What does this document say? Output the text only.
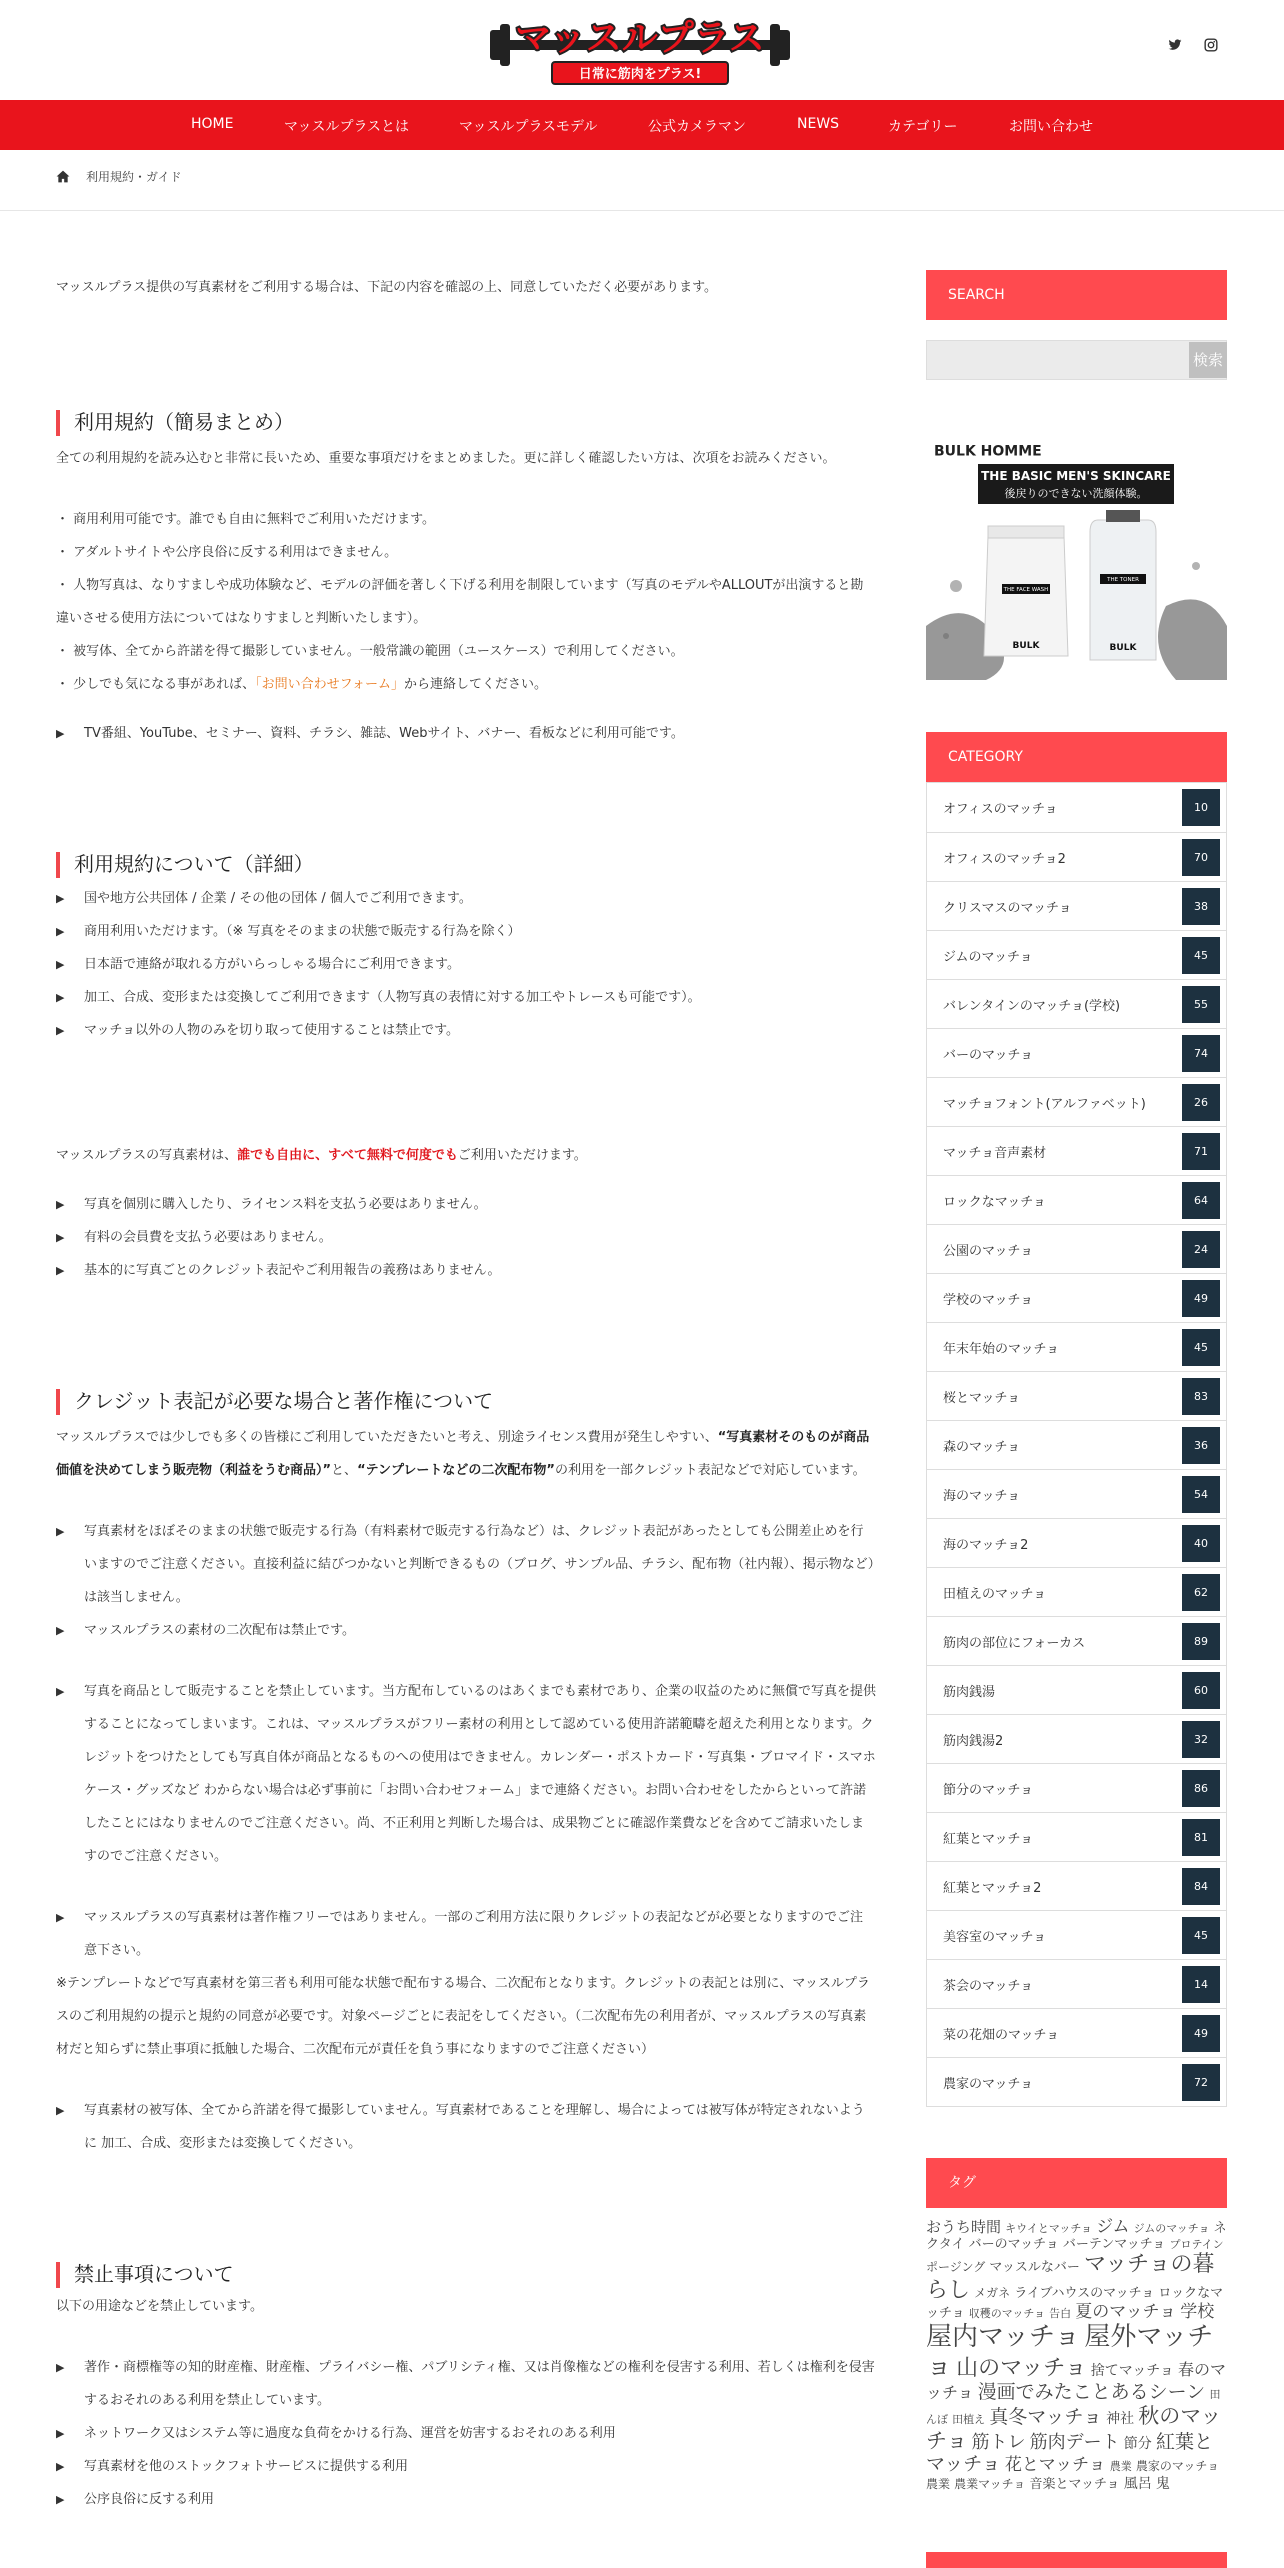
マッスルプラス
日常に筋肉をプラス!
HOME	マッスルプラスとは	マッスルプラスモデル	公式カメラマン	NEWS	カテゴリー	お問い合わせ
利用規約・ガイド
マッスルプラス提供の写真素材をご利用する場合は、下記の内容を確認の上、同意していただく必要があります。
利用規約（簡易まとめ）
全ての利用規約を読み込むと非常に長いため、重要な事項だけをまとめました。更に詳しく確認したい方は、次項をお読みください。
・ 商用利用可能です。誰でも自由に無料でご利用いただけます。
・ アダルトサイトや公序良俗に反する利用はできません。
・ 人物写真は、なりすましや成功体験など、モデルの評価を著しく下げる利用を制限しています（写真のモデルやALLOUTが出演すると勘違いさせる使用方法についてはなりすましと判断いたします）。
・ 被写体、全てから許諾を得て撮影していません。一般常識の範囲（ユースケース）で利用してください。
・ 少しでも気になる事があれば、「お問い合わせフォーム」から連絡してください。
▶ TV番組、YouTube、セミナー、資料、チラシ、雑誌、Webサイト、バナー、看板などに利用可能です。
利用規約について（詳細）
▶ 国や地方公共団体 / 企業 / その他の団体 / 個人でご利用できます。
▶ 商用利用いただけます。（※ 写真をそのままの状態で販売する行為を除く）
▶ 日本語で連絡が取れる方がいらっしゃる場合にご利用できます。
▶ 加工、合成、変形または変換してご利用できます（人物写真の表情に対する加工やトレースも可能です）。
▶ マッチョ以外の人物のみを切り取って使用することは禁止です。
マッスルプラスの写真素材は、誰でも自由に、すべて無料で何度でもご利用いただけます。
▶ 写真を個別に購入したり、ライセンス料を支払う必要はありません。
▶ 有料の会員費を支払う必要はありません。
▶ 基本的に写真ごとのクレジット表記やご利用報告の義務はありません。
クレジット表記が必要な場合と著作権について
マッスルプラスでは少しでも多くの皆様にご利用していただきたいと考え、別途ライセンス費用が発生しやすい、“写真素材そのものが商品価値を決めてしまう販売物（利益をうむ商品）”と、“テンプレートなどの二次配布物”の利用を一部クレジット表記などで対応しています。
▶ 写真素材をほぼそのままの状態で販売する行為（有料素材で販売する行為など）は、クレジット表記があったとしても公開差止めを行いますのでご注意ください。直接利益に結びつかないと判断できるもの（ブログ、サンプル品、チラシ、配布物（社内報）、掲示物など）は該当しません。
▶ マッスルプラスの素材の二次配布は禁止です。
▶ 写真を商品として販売することを禁止しています。当方配布しているのはあくまでも素材であり、企業の収益のために無償で写真を提供することになってしまいます。これは、マッスルプラスがフリー素材の利用として認めている使用許諾範疇を超えた利用となります。クレジットをつけたとしても写真自体が商品となるものへの使用はできません。カレンダー・ポストカード・写真集・ブロマイド・スマホケース・グッズなど わからない場合は必ず事前に「お問い合わせフォーム」まで連絡ください。お問い合わせをしたからといって許諾したことにはなりませんのでご注意ください。尚、不正利用と判断した場合は、成果物ごとに確認作業費などを含めてご請求いたしますのでご注意ください。
▶ マッスルプラスの写真素材は著作権フリーではありません。一部のご利用方法に限りクレジットの表記などが必要となりますのでご注意下さい。
※テンプレートなどで写真素材を第三者も利用可能な状態で配布する場合、二次配布となります。クレジットの表記とは別に、マッスルプラスのご利用規約の提示と規約の同意が必要です。対象ページごとに表記をしてください。（二次配布先の利用者が、マッスルプラスの写真素材だと知らずに禁止事項に抵触した場合、二次配布元が責任を負う事になりますのでご注意ください）
▶ 写真素材の被写体、全てから許諾を得て撮影していません。写真素材であることを理解し、場合によっては被写体が特定されないように 加工、合成、変形または変換してください。
禁止事項について
以下の用途などを禁止しています。
▶ 著作・商標権等の知的財産権、財産権、プライバシー権、パブリシティ権、又は肖像権などの権利を侵害する利用、若しくは権利を侵害するおそれのある利用を禁止しています。
▶ ネットワーク又はシステム等に過度な負荷をかける行為、運営を妨害するおそれのある利用
▶ 写真素材を他のストックフォトサービスに提供する利用
▶ 公序良俗に反する利用
SEARCH
検索
BULK HOMME
THE BASIC MEN'S SKINCARE
後戻りのできない洗顔体験。
THE FACE WASH
BULK
THE TONER
BULK
CATEGORY
オフィスのマッチョ	10
オフィスのマッチョ2	70
クリスマスのマッチョ	38
ジムのマッチョ	45
バレンタインのマッチョ(学校)	55
バーのマッチョ	74
マッチョフォント(アルファベット)	26
マッチョ音声素材	71
ロックなマッチョ	64
公園のマッチョ	24
学校のマッチョ	49
年末年始のマッチョ	45
桜とマッチョ	83
森のマッチョ	36
海のマッチョ	54
海のマッチョ2	40
田植えのマッチョ	62
筋肉の部位にフォーカス	89
筋肉銭湯	60
筋肉銭湯2	32
節分のマッチョ	86
紅葉とマッチョ	81
紅葉とマッチョ2	84
美容室のマッチョ	45
茶会のマッチョ	14
菜の花畑のマッチョ	49
農家のマッチョ	72
タグ
おうち時間 キウイとマッチョ ジム ジムのマッチョ ネクタイ バーのマッチョ バーテンマッチョ プロテイン ポージング マッスルなバー マッチョの暮らし メガネ ライブハウスのマッチョ ロックなマッチョ 収穫のマッチョ 告白 夏のマッチョ 学校 屋内マッチョ 屋外マッチョ 山のマッチョ 捨てマッチョ 春のマッチョ 漫画でみたことあるシーン 田んぼ 田植え 真冬マッチョ 神社 秋のマッチョ 筋トレ 筋肉デート 節分 紅葉とマッチョ 花とマッチョ 農業 農家のマッチョ 農業 農業マッチョ 音楽とマッチョ 風呂 鬼
